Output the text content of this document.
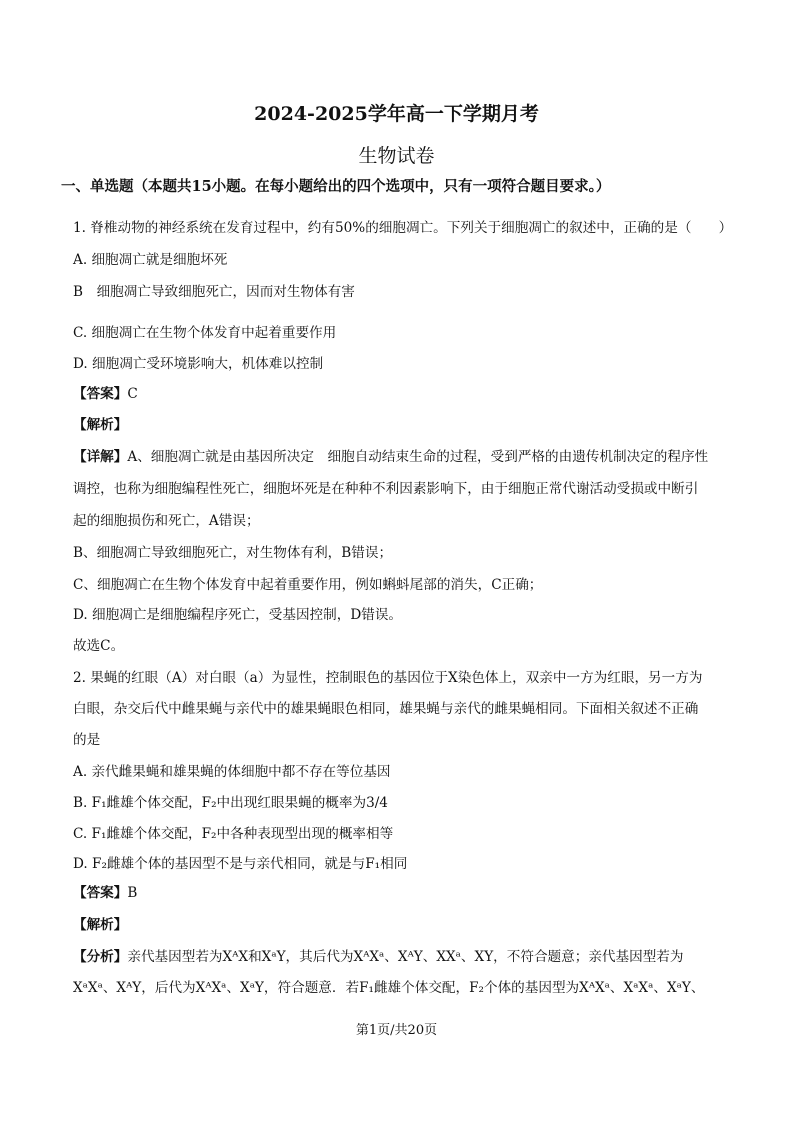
2024-2025学年高一下学期月考
生物试卷
一、单选题（本题共15小题。在每小题给出的四个选项中，只有一项符合题目要求。）
1. 脊椎动物的神经系统在发育过程中，约有50%的细胞凋亡。下列关于细胞凋亡的叙述中，正确的是（　　）
A. 细胞凋亡就是细胞坏死
B　细胞凋亡导致细胞死亡，因而对生物体有害
C. 细胞凋亡在生物个体发育中起着重要作用
D. 细胞凋亡受环境影响大，机体难以控制
【答案】C
【解析】
【详解】A、细胞凋亡就是由基因所决定　细胞自动结束生命的过程，受到严格的由遗传机制决定的程序性
调控，也称为细胞编程性死亡，细胞坏死是在种种不利因素影响下，由于细胞正常代谢活动受损或中断引
起的细胞损伤和死亡，A错误；
B、细胞凋亡导致细胞死亡，对生物体有利，B错误；
C、细胞凋亡在生物个体发育中起着重要作用，例如蝌蚪尾部的消失，C正确；
D. 细胞凋亡是细胞编程序死亡，受基因控制，D错误。
故选C。
2. 果蝇的红眼（A）对白眼（a）为显性，控制眼色的基因位于X染色体上，双亲中一方为红眼，另一方为
白眼，杂交后代中雌果蝇与亲代中的雄果蝇眼色相同，雄果蝇与亲代的雌果蝇相同。下面相关叙述不正确
的是
A. 亲代雌果蝇和雄果蝇的体细胞中都不存在等位基因
B. F₁雌雄个体交配，F₂中出现红眼果蝇的概率为3/4
C. F₁雌雄个体交配，F₂中各种表现型出现的概率相等
D. F₂雌雄个体的基因型不是与亲代相同，就是与F₁相同
【答案】B
【解析】
【分析】亲代基因型若为XᴬX和XᵃY，其后代为XᴬXᵃ、XᴬY、XXᵃ、XY，不符合题意；亲代基因型若为
XᵃXᵃ、XᴬY，后代为XᴬXᵃ、XᵃY，符合题意．若F₁雌雄个体交配，F₂个体的基因型为XᴬXᵃ、XᵃXᵃ、XᵃY、
第1页/共20页
